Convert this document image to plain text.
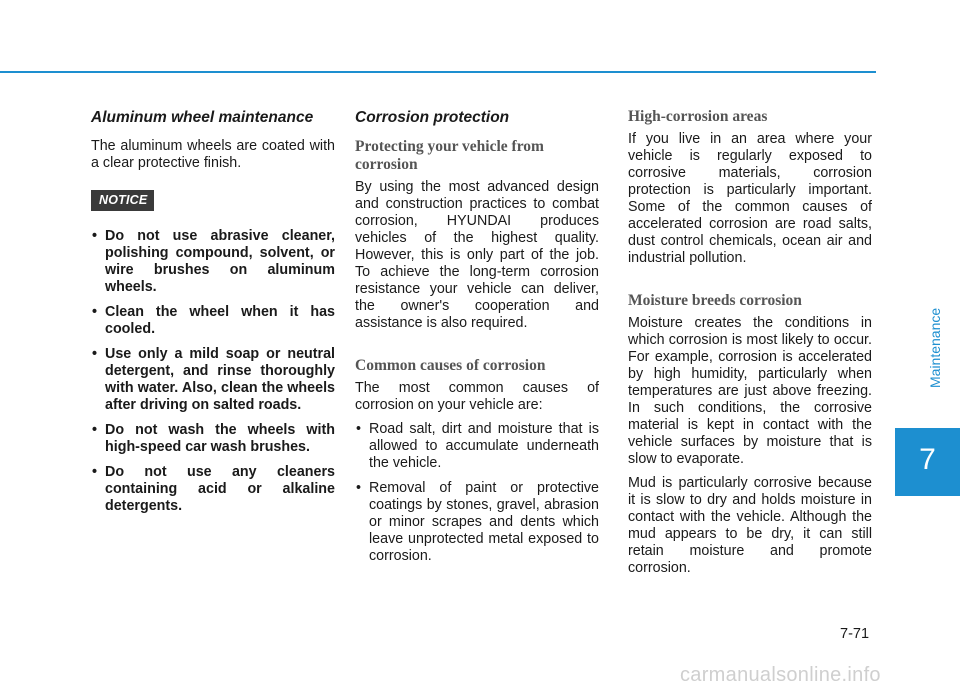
Aluminum wheel maintenance

The aluminum wheels are coated with a clear protective finish.

NOTICE
• Do not use abrasive cleaner, polishing compound, solvent, or wire brushes on aluminum wheels.
• Clean the wheel when it has cooled.
• Use only a mild soap or neutral detergent, and rinse thoroughly with water. Also, clean the wheels after driving on salted roads.
• Do not wash the wheels with high-speed car wash brushes.
• Do not use any cleaners containing acid or alkaline detergents.
Corrosion protection
Protecting your vehicle from corrosion

By using the most advanced design and construction practices to combat corrosion, HYUNDAI produces vehicles of the highest quality. However, this is only part of the job. To achieve the long-term corrosion resistance your vehicle can deliver, the owner's cooperation and assistance is also required.

Common causes of corrosion

The most common causes of corrosion on your vehicle are:

• Road salt, dirt and moisture that is allowed to accumulate underneath the vehicle.
• Removal of paint or protective coatings by stones, gravel, abrasion or minor scrapes and dents which leave unprotected metal exposed to corrosion.
High-corrosion areas

If you live in an area where your vehicle is regularly exposed to corrosive materials, corrosion protection is particularly important. Some of the common causes of accelerated corrosion are road salts, dust control chemicals, ocean air and industrial pollution.

Moisture breeds corrosion

Moisture creates the conditions in which corrosion is most likely to occur. For example, corrosion is accelerated by high humidity, particularly when temperatures are just above freezing. In such conditions, the corrosive material is kept in contact with the vehicle surfaces by moisture that is slow to evaporate.

Mud is particularly corrosive because it is slow to dry and holds moisture in contact with the vehicle. Although the mud appears to be dry, it can still retain moisture and promote corrosion.

Maintenance
7
7-71
carmanualsonline.info
